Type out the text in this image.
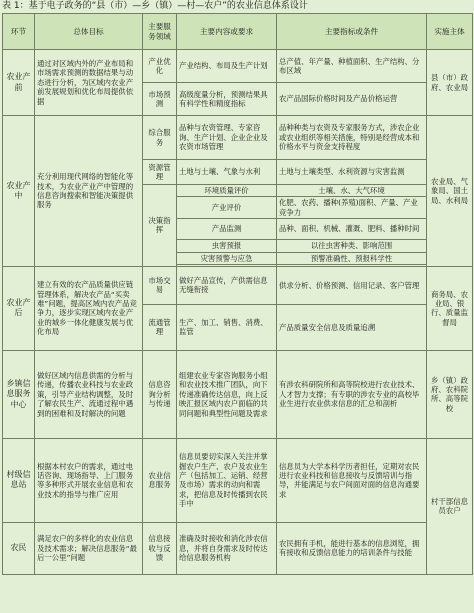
表 1：基于电子政务的“县（市）—乡（镇）—村—农户”的农业信息体系设计
环节	总体目标	主要服务领域	主要内容或要求	主要指标或条件	实施主体
农业产前	通过对区域内外的产业布局和市场需求预测的数据结果与动态进行分析，为区域内农业产前发展规划和优化布局提供依据	产业优化	产业结构、布局及生产计划	总产值、年产量、种植面积、生产结构、分布区域	县（市）政府、农业局
		市场预测	高级度量分析，预测结果具有科学性和精度指标	农产品国际价格时间及产品价格运营	
农业产中	充分利用现代网络的智能化等技术，为农业产业产中管理的信息咨询搜索和智能决策提供服务	综合服务	品种与农资管理、专家咨询、生产计划、企业企业及农资市场管理	品种种类与农资及专家服务方式，涉农企业或农业组织等相关措施，特别是经营成本和价格水平与资金支持程度	农业局、气象局、国土局、水利局
		资源管理	土地与土壤、气象与水利	土地与土壤类型、水利资源与灾害监测	
		决策指挥	环境质量评价	土壤、水、大气环境	
			产业评价	化肥、农药、播种(养殖)面积、产量、产业竞争力	
			产品监测	品种、面积、机械、灌溉、肥料、播种时间	
			虫害预报	以往虫害种类、影响范围	
			灾害预警与应急	预警准确性、预报科学性	

农业产后	建立有效的农产品质量供应链管理体系，解决农产品“买卖难”问题，提高区域内农产品竞争力，逐步实现区域内农业产业的城乡一体化健康发展与优化布局	市场交易	做好产品宣传，产供需信息无缝衔接	供求分析、价格预测、信用记录、客户管理	商务局、农业局、银行、质量监督局
		流通管理	生产、加工、销售、消费、监管	产品质量安全信息及质量追溯	
乡镇信息服务中心	做好区域内信息供需的分析与传递，传播农业科技与农业政策，引导产业结构调整，及时了解农民生产、流通过程中遇到的困难和及时解决的问题	信息咨询分析与传递	组建农业专家咨询服务小组和农业技术推广团队，向下传递准确传达信息，向上反映汇报区域内农户面临的共同问题和典型性问题及需求	有涉农科研院所和高等院校进行农业技术、人才智力支撑；有专职的涉农专业的高校毕业生进行农业供求信息的汇总和剖析	乡（镇）政府、农科院所、高等院校
村级信息站	根据本村农户的需求，通过电话咨询、现场指导、上门服务等多种形式开展农业信息和农业技术的指导与推广应用	农业信息服务	信息员要切实深入关注并掌握农户生产、农户及农业生产（包括加工、运销、经营及市场）需求的动向和需求，把信息及时传播到农民手中	信息员为大学本科学历者担任，定期对农民进行农业科技和信息接收与反馈培训与指导，并能满足与农户间面对面的信息沟通要求	村干部信息员农户
农民	满足农户的多样化的农业信息及技术需求；解决信息服务“最后一公里”问题	信息接收与反馈	准确及时接收和消化涉农信息，并将自身需求及时传达给信息服务机构	农民拥有手机，能进行基本的信息浏览，拥有接收和反馈信息能力的培训条件与技能	
